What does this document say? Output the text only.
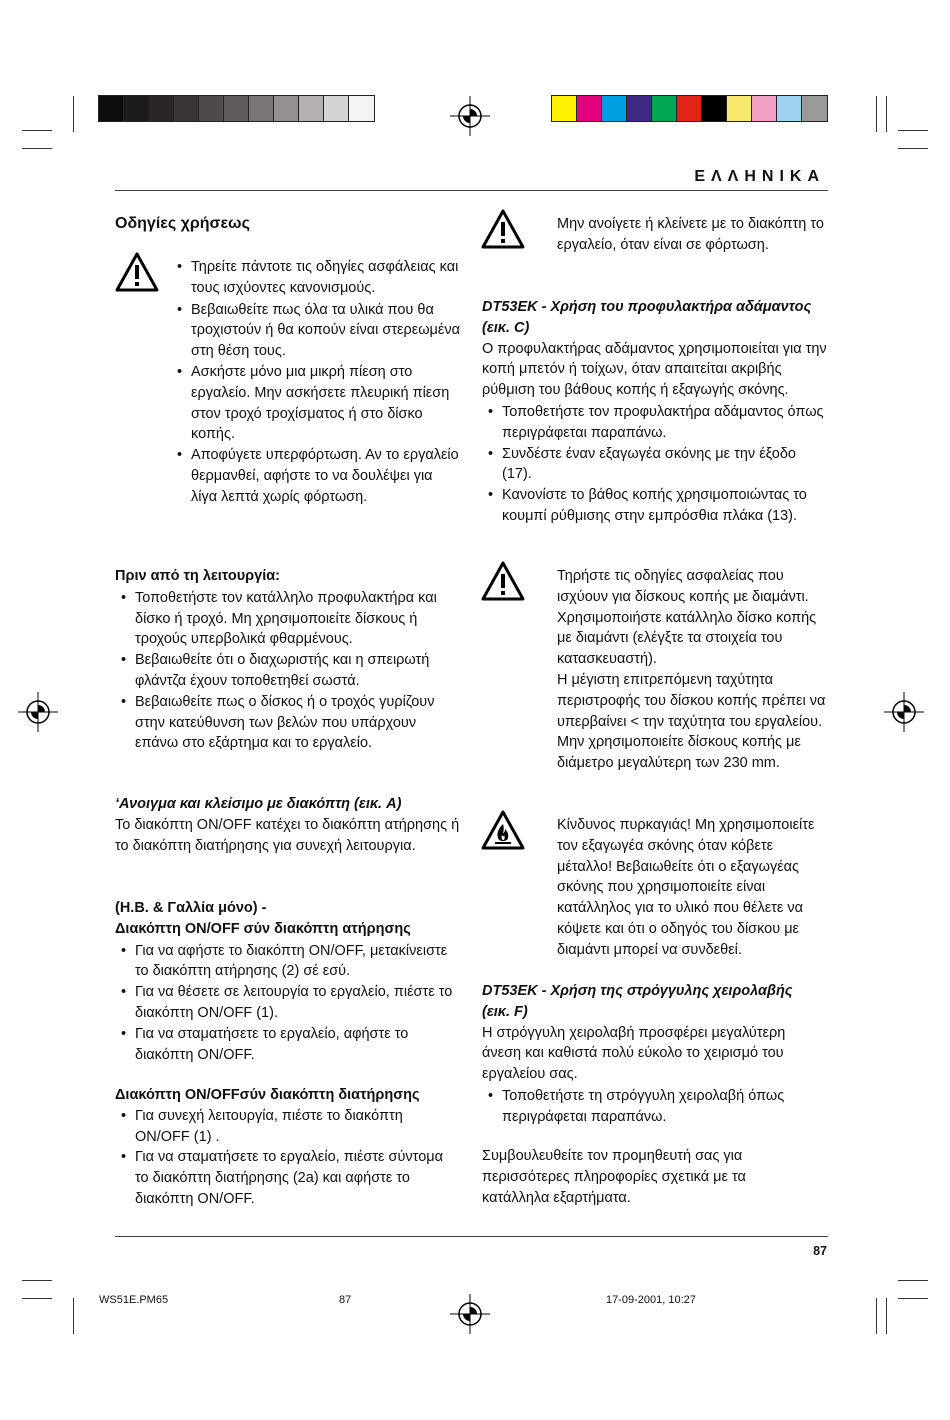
ΕΛΛΗΝΙΚΑ

Οδηγίες χρήσεως

• Τηρείτε πάντοτε τις οδηγίες ασφάλειας και τους ισχύοντες κανονισμούς.
• Βεβαιωθείτε πως όλα τα υλικά που θα τροχιστούν ή θα κοπούν είναι στερεωμένα στη θέση τους.
• Ασκήστε μόνο μια μικρή πίεση στο εργαλείο. Μην ασκήσετε πλευρική πίεση στον τροχό τροχίσματος ή στο δίσκο κοπής.
• Αποφύγετε υπερφόρτωση. Αν το εργαλείο θερμανθεί, αφήστε το να δουλέψει για λίγα λεπτά χωρίς φόρτωση.

Πριν από τη λειτουργία:

• Τοποθετήστε τον κατάλληλο προφυλακτήρα και δίσκο ή τροχό. Μη χρησιμοποιείτε δίσκους ή τροχούς υπερβολικά φθαρμένους.
• Βεβαιωθείτε ότι ο διαχωριστής και η σπειρωτή φλάντζα έχουν τοποθετηθεί σωστά.
• Βεβαιωθείτε πως ο δίσκος ή ο τροχός γυρίζουν στην κατεύθυνση των βελών που υπάρχουν επάνω στο εξάρτημα και το εργαλείο.

‘Ανοιγμα και κλείσιμο με διακόπτη (εικ. A)

Το διακόπτη ON/OFF κατέχει το διακόπτη ατήρησης ή το διακόπτη διατήρησης για συνεχή λειτουργια.

(Η.Β. & Γαλλία μόνο) -

Διακόπτη ON/OFF σύν διακόπτη ατήρησης

• Για να αφήστε το διακόπτη ON/OFF, μετακίνειστε το διακόπτη ατήρησης (2) σέ εσύ.
• Για να θέσετε σε λειτουργία το εργαλείο, πιέστε το διακόπτη ON/OFF (1).
• Για να σταματήσετε το εργαλείο, αφήστε το διακόπτη ON/OFF.

Διακόπτη ON/OFFσύν διακόπτη διατήρησης

• Για συνεχή λειτουργία, πιέστε το διακόπτη ON/OFF (1) .
• Για να σταματήσετε το εργαλείο, πιέστε σύντομα το διακόπτη διατήρησης (2a) και αφήστε το διακόπτη ON/OFF.

Μην ανοίγετε ή κλείνετε με το διακόπτη το εργαλείο, όταν είναι σε φόρτωση.

DT53EK - Χρήση του προφυλακτήρα αδάμαντος

(εικ. C)

Ο προφυλακτήρας αδάμαντος χρησιμοποιείται για την κοπή μπετόν ή τοίχων, όταν απαιτείται ακριβής ρύθμιση του βάθους κοπής ή εξαγωγής σκόνης.

• Τοποθετήστε τον προφυλακτήρα αδάμαντος όπως περιγράφεται παραπάνω.
• Συνδέστε έναν εξαγωγέα σκόνης με την έξοδο (17).
• Κανονίστε το βάθος κοπής χρησιμοποιώντας το κουμπί ρύθμισης στην εμπρόσθια πλάκα (13).

Τηρήστε τις οδηγίες ασφαλείας που ισχύουν για δίσκους κοπής με διαμάντι. Χρησιμοποιήστε κατάλληλο δίσκο κοπής με διαμάντι (ελέγξτε τα στοιχεία του κατασκευαστή).

Η μέγιστη επιτρεπόμενη ταχύτητα περιστροφής του δίσκου κοπής πρέπει να υπερβαίνει < την ταχύτητα του εργαλείου. Μην χρησιμοποιείτε δίσκους κοπής με διάμετρο μεγαλύτερη των 230 mm.

Κίνδυνος πυρκαγιάς! Μη χρησιμοποιείτε τον εξαγωγέα σκόνης όταν κόβετε μέταλλο! Βεβαιωθείτε ότι ο εξαγωγέας σκόνης που χρησιμοποιείτε είναι κατάλληλος για το υλικό που θέλετε να κόψετε και ότι ο οδηγός του δίσκου με διαμάντι μπορεί να συνδεθεί.

DT53EK - Χρήση της στρόγγυλης χειρολαβής

(εικ. F)

Η στρόγγυλη χειρολαβή προσφέρει μεγαλύτερη άνεση και καθιστά πολύ εύκολο το χειρισμό του εργαλείου σας.

• Τοποθετήστε τη στρόγγυλη χειρολαβή όπως περιγράφεται παραπάνω.

Συμβουλευθείτε τον προμηθευτή σας για περισσότερες πληροφορίες σχετικά με τα κατάλληλα εξαρτήματα.

87
WS51E.PM65	87	17-09-2001, 10:27
